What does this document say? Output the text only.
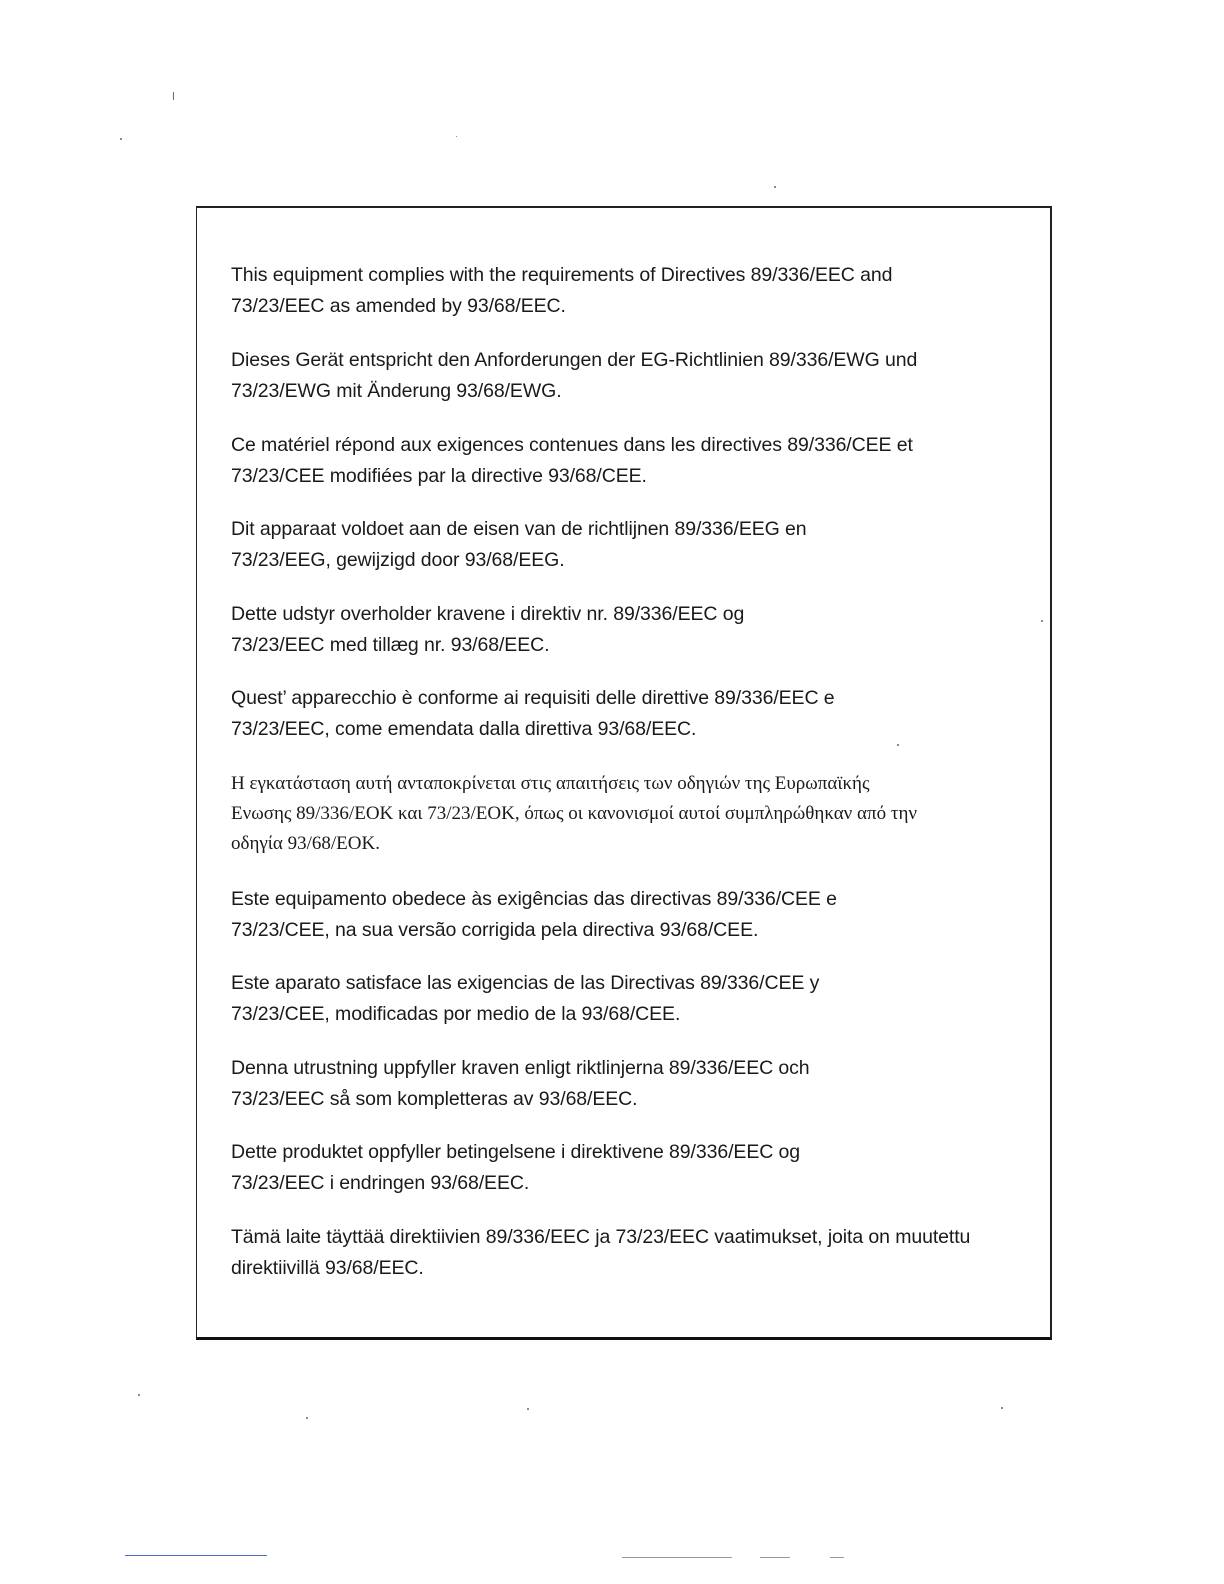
This equipment complies with the requirements of Directives 89/336/EEC and
73/23/EEC as amended by 93/68/EEC.

Dieses Gerät entspricht den Anforderungen der EG-Richtlinien 89/336/EWG und
73/23/EWG mit Änderung 93/68/EWG.

Ce matériel répond aux exigences contenues dans les directives 89/336/CEE et
73/23/CEE modifiées par la directive 93/68/CEE.

Dit apparaat voldoet aan de eisen van de richtlijnen 89/336/EEG en
73/23/EEG, gewijzigd door 93/68/EEG.

Dette udstyr overholder kravene i direktiv nr. 89/336/EEC og
73/23/EEC med tillæg nr. 93/68/EEC.

Quest’ apparecchio è conforme ai requisiti delle direttive 89/336/EEC e
73/23/EEC, come emendata dalla direttiva 93/68/EEC.

Η εγκατάσταση αυτή ανταποκρίνεται στις απαιτήσεις των οδηγιών της Ευρωπαϊκής
Ενωσης 89/336/ΕΟΚ και 73/23/ΕΟΚ, όπως οι κανονισμοί αυτοί συμπληρώθηκαν από την
οδηγία 93/68/ΕΟΚ.

Este equipamento obedece às exigências das directivas 89/336/CEE e
73/23/CEE, na sua versão corrigida pela directiva 93/68/CEE.

Este aparato satisface las exigencias de las Directivas 89/336/CEE y
73/23/CEE, modificadas por medio de la 93/68/CEE.

Denna utrustning uppfyller kraven enligt riktlinjerna 89/336/EEC och
73/23/EEC så som kompletteras av 93/68/EEC.

Dette produktet oppfyller betingelsene i direktivene 89/336/EEC og
73/23/EEC i endringen 93/68/EEC.

Tämä laite täyttää direktiivien 89/336/EEC ja 73/23/EEC vaatimukset, joita on muutettu
direktiivillä 93/68/EEC.
